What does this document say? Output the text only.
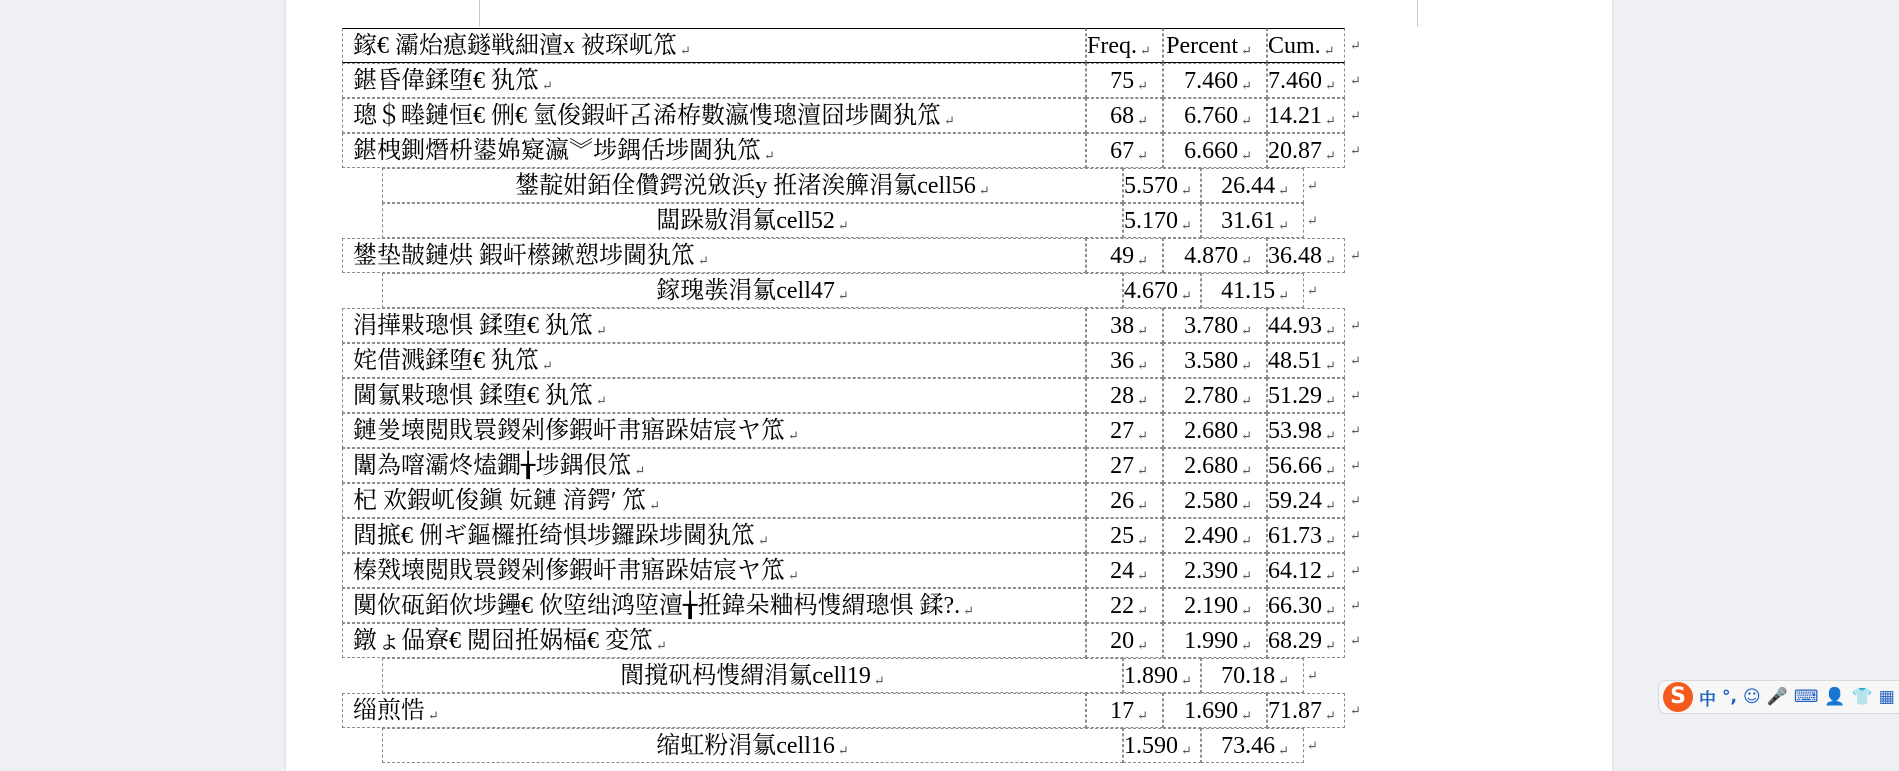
鎵€ 灞炲瘜鐩戦細澶х 被琛屼笟 ↵	Freq. ↵ Percent ↵ Cum. ↵	↵
鍖昏偉鍒堕€ 犱笟 ↵	75 ↵	7.460 ↵ 7.460 ↵	↵
璁＄畻鏈恒€ 侀€ 氫俊鍜屽叾浠栫數瀛愯璁澶囧埗閫犱笟 ↵	68 ↵	6.760 ↵ 14.21 ↵	↵
鍖栧鍘熸枡鍙婂寲瀛︾埗鍝佸埗閫犱笟 ↵	67 ↵	6.660 ↵ 20.87 ↵	↵
鐢靛姏銆佺儹鍔涚敓浜у 拰渚涘簲涓氱cell56 ↵	5.570 ↵	26.44 ↵	↵
闆跺敭涓氱cell52 ↵	5.170 ↵	31.61 ↵	↵
鐢垫皵鏈烘 鍜屽櫒鏉愬埗閫犱笟 ↵	49 ↵	4.870 ↵ 36.48 ↵	↵
鎵瑰彂涓氱cell47 ↵	4.670 ↵	41.15 ↵	↵
涓撶敤璁惧 鍒堕€ 犱笟 ↵	38 ↵	3.780 ↵ 44.93 ↵	↵
姹借溅鍒堕€ 犱笟 ↵	36 ↵	3.580 ↵ 48.51 ↵	↵
閫氱敤璁惧 鍒堕€ 犱笟 ↵	28 ↵	2.780 ↵ 51.29 ↵	↵
鏈夎壊閲戝睘鍐剁偧鍜屽帇寤跺姞宸ヤ笟 ↵	27 ↵	2.680 ↵ 53.98 ↵	↵
闈為噾灞炵熆鐗╁埗鍝佷笟 ↵	27 ↵	2.680 ↵ 56.66 ↵	↵
杞 欢鍜屼俊鎭 妧鏈 湇鍔′ 笟 ↵	26 ↵	2.580 ↵ 59.24 ↵	↵
閰掋€ 侀ギ鏂欏拰绮惧埗鑼跺埗閫犱笟 ↵	25 ↵	2.490 ↵ 61.73 ↵	↵
榛戣壊閲戝睘鍐剁偧鍜屽帇寤跺姞宸ヤ笟 ↵	24 ↵	2.390 ↵ 64.12 ↵	↵
闃佽砙銆佽埗鑸€ 佽埅绌鸿埅澶╁拰鍏朵粬杩愯緭璁惧 鍒?. ↵	22 ↵	2.190 ↵ 66.30 ↵	↵
鐓ょ偘寮€ 閲囧拰娲楅€ 変笟 ↵	20 ↵	1.990 ↵ 68.29 ↵	↵
閬撹矾杩愯緭涓氱cell19 ↵	1.890 ↵	70.18 ↵	↵
缁煎悎 ↵	17 ↵	1.690 ↵ 71.87 ↵	↵
缩虹粉涓氱cell16 ↵	1.590 ↵	73.46 ↵	↵
S 中 °, ☺ 🎤 ⌨ 👤 👕 ▦
